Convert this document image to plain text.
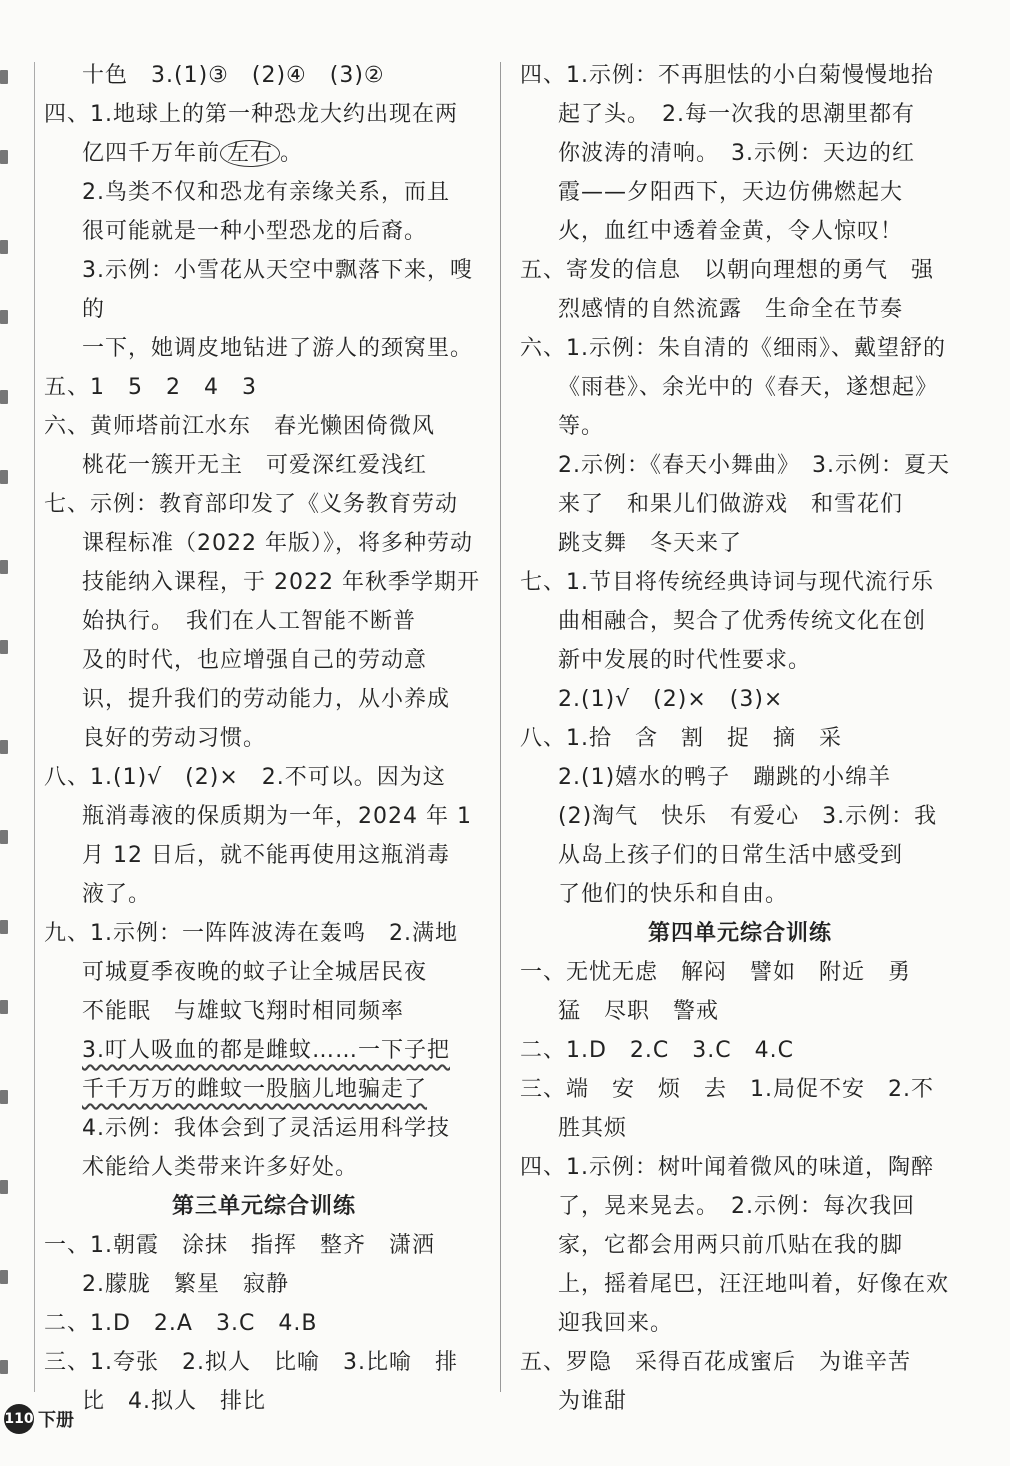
十色　3.(1)③　(2)④　(3)②

四、1.地球上的第一种恐龙大约出现在两

亿四千万年前 左右 。

2.鸟类不仅和恐龙有亲缘关系，而且

很可能就是一种小型恐龙的后裔。

3.示例：小雪花从天空中飘落下来，嗖的

一下，她调皮地钻进了游人的颈窝里。

五、1　5　2　4　3

六、黄师塔前江水东　春光懒困倚微风

桃花一簇开无主　可爱深红爱浅红

七、示例：教育部印发了《义务教育劳动

课程标准（2022 年版）》，将多种劳动

技能纳入课程，于 2022 年秋季学期开

始执行。　我们在人工智能不断普

及的时代，也应增强自己的劳动意

识，提升我们的劳动能力，从小养成

良好的劳动习惯。

八、1.(1)√　(2)×　2.不可以。因为这

瓶消毒液的保质期为一年，2024 年 1

月 12 日后，就不能再使用这瓶消毒

液了。

九、1.示例：一阵阵波涛在轰鸣　2.满地

可城夏季夜晚的蚊子让全城居民夜

不能眠　与雄蚊飞翔时相同频率

3.叮人吸血的都是雌蚊……一下子把

千千万万的雌蚊一股脑儿地骗走了

4.示例：我体会到了灵活运用科学技

术能给人类带来许多好处。

第三单元综合训练

一、1.朝霞　涂抹　指挥　整齐　潇洒

2.朦胧　繁星　寂静

二、1.D　2.A　3.C　4.B

三、1.夸张　2.拟人　比喻　3.比喻　排

比　4.拟人　排比

四、1.示例：不再胆怯的小白菊慢慢地抬

起了头。　2.每一次我的思潮里都有

你波涛的清响。　3.示例：天边的红

霞——夕阳西下，天边仿佛燃起大

火，血红中透着金黄，令人惊叹！

五、寄发的信息　以朝向理想的勇气　强

烈感情的自然流露　生命全在节奏

六、1.示例：朱自清的《细雨》、戴望舒的

《雨巷》、余光中的《春天，遂想起》等。

2.示例：《春天小舞曲》　3.示例：夏天

来了　和果儿们做游戏　和雪花们

跳支舞　冬天来了

七、1.节目将传统经典诗词与现代流行乐

曲相融合，契合了优秀传统文化在创

新中发展的时代性要求。

2.(1)√　(2)×　(3)×

八、1.拾　含　割　捉　摘　采

2.(1)嬉水的鸭子　蹦跳的小绵羊

(2)淘气　快乐　有爱心　3.示例：我

从岛上孩子们的日常生活中感受到

了他们的快乐和自由。

第四单元综合训练

一、无忧无虑　解闷　譬如　附近　勇

猛　尽职　警戒

二、1.D　2.C　3.C　4.C

三、端　安　烦　去　1.局促不安　2.不

胜其烦

四、1.示例：树叶闻着微风的味道，陶醉

了，晃来晃去。　2.示例：每次我回

家，它都会用两只前爪贴在我的脚

上，摇着尾巴，汪汪地叫着，好像在欢

迎我回来。

五、罗隐　采得百花成蜜后　为谁辛苦

为谁甜

110 下册
